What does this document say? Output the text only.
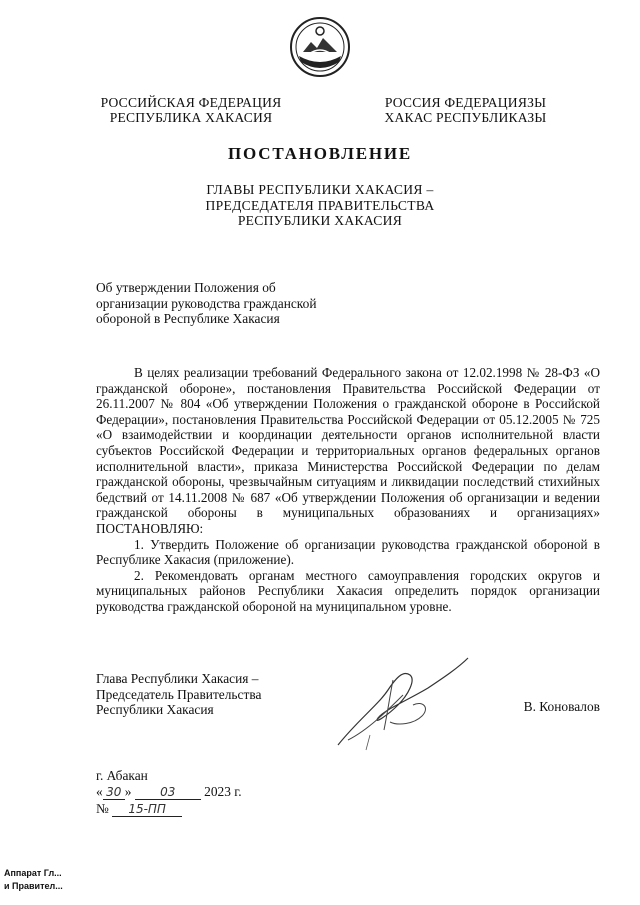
РОССИЙСКАЯ ФЕДЕРАЦИЯ
РЕСПУБЛИКА ХАКАСИЯ
РОССИЯ ФЕДЕРАЦИЯЗЫ
ХАКАС РЕСПУБЛИКАЗЫ
ПОСТАНОВЛЕНИЕ
ГЛАВЫ РЕСПУБЛИКИ ХАКАСИЯ –
ПРЕДСЕДАТЕЛЯ ПРАВИТЕЛЬСТВА
РЕСПУБЛИКИ ХАКАСИЯ
Об утверждении Положения об
организации руководства гражданской
обороной в Республике Хакасия

В целях реализации требований Федерального закона от 12.02.1998 № 28-ФЗ «О гражданской обороне», постановления Правительства Российской Федерации от 26.11.2007 № 804 «Об утверждении Положения о гражданской обороне в Российской Федерации», постановления Правительства Российской Федерации от 05.12.2005 № 725 «О взаимодействии и координации деятельности органов исполнительной власти субъектов Российской Федерации и территориальных органов федеральных органов исполнительной власти», приказа Министерства Российской Федерации по делам гражданской обороны, чрезвычайным ситуациям и ликвидации последствий стихийных бедствий от 14.11.2008 № 687 «Об утверждении Положения об организации и ведении гражданской обороны в муниципальных образованиях и организациях» ПОСТАНОВЛЯЮ:

1. Утвердить Положение об организации руководства гражданской обороной в Республике Хакасия (приложение).

2. Рекомендовать органам местного самоуправления городских округов и муниципальных районов Республики Хакасия определить порядок организации руководства гражданской обороной на муниципальном уровне.

Глава Республики Хакасия –
Председатель Правительства
Республики Хакасия	В. Коновалов
г. Абакан
« 30 » 03 2023 г.
№ 15-ПП
Аппарат Гл...
и Правител...
